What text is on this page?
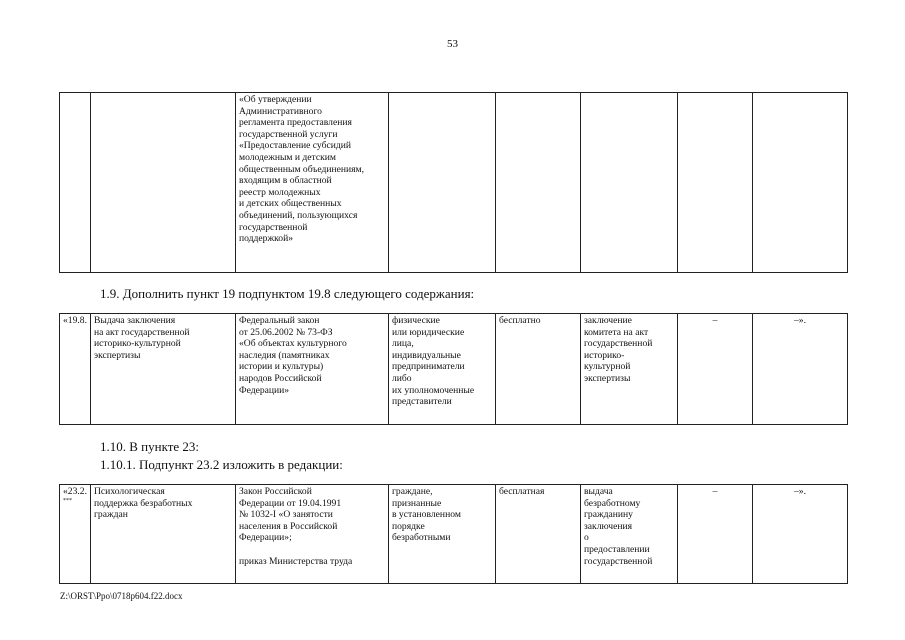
53
		«Об утверждении
Административного
регламента предоставления
государственной услуги
«Предоставление субсидий
молодежным и детским
общественным объединениям,
входящим в областной
реестр молодежных
и детских общественных
объединений, пользующихся
государственной
поддержкой»					
1.9. Дополнить пункт 19 подпунктом 19.8 следующего содержания:
«19.8.	Выдача заключения
на акт государственной
историко-культурной
экспертизы	Федеральный закон
от 25.06.2002 № 73-ФЗ
«Об объектах культурного
наследия (памятниках
истории и культуры)
народов Российской
Федерации»	физические
или юридические
лица,
индивидуальные
предприниматели
либо
их уполномоченные
представители	бесплатно	заключение
комитета на акт
государственной
историко-
культурной
экспертизы	–	–».
1.10. В пункте 23:
1.10.1. Подпункт 23.2 изложить в редакции:
«23.2.
***
	Психологическая
поддержка безработных
граждан	Закон Российской
Федерации от 19.04.1991
№ 1032-I «О занятости
населения в Российской
Федерации»;

приказ Министерства труда	граждане,
признанные
в установленном
порядке
безработными	бесплатная	выдача
безработному
гражданину
заключения
о
предоставлении
государственной	–	–».
Z:\ORST\Ppo\0718p604.f22.docx
